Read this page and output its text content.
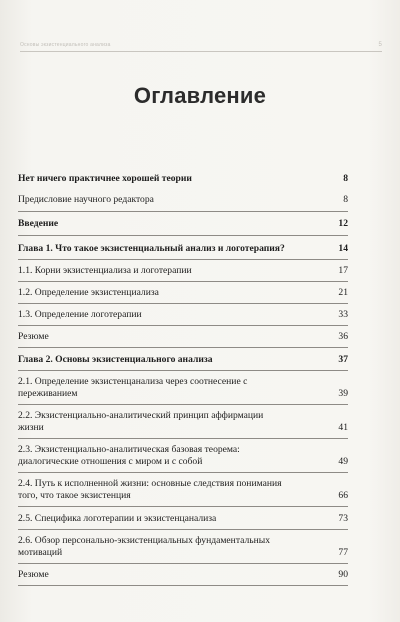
Основы экзистенциального анализа	5
Оглавление
Нет ничего практичнее хорошей теории	8
Предисловие научного редактора	8
Введение	12
Глава 1. Что такое экзистенциальный анализ и логотерапия?	14
1.1. Корни экзистенциализа и логотерапии	17
1.2. Определение экзистенциализа	21
1.3. Определение логотерапии	33
Резюме	36
Глава 2. Основы экзистенциального анализа	37
2.1. Определение экзистенцанализа через соотнесение с переживанием	39
2.2. Экзистенциально-аналитический принцип аффирмации жизни	41
2.3. Экзистенциально-аналитическая базовая теорема: диалогические отношения с миром и с собой	49
2.4. Путь к исполненной жизни: основные следствия понимания того, что такое экзистенция	66
2.5. Специфика логотерапии и экзистенцанализа	73
2.6. Обзор персонально-экзистенциальных фундаментальных мотиваций	77
Резюме	90
